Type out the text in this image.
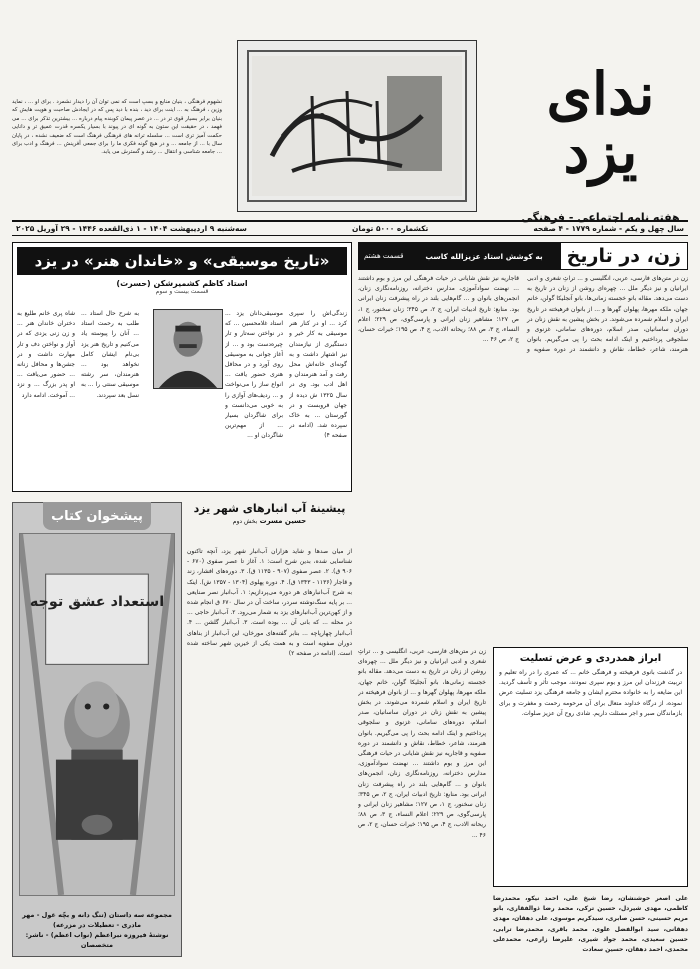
ندای یزد
هفته نامه اجتماعی - فرهنگی
نشهوم فرهنگی ، بنیان منابع و بسپ است که نمی توان آن را دیدار نشمرد . برای او ... ، نماید وزین ، فرهنگ به ... اینت برای دید ، بنده با دید پس که در ایجادش صاحبت و هویت هایش که بنیان برابر بسیار قوی تر در ... در عصر پیمان کوبنده پیام درباره ... بیشترین تذکر برای ... می فهمد ، در حقیقت این ستون به گونه ای در پیوند با بسیار یکسره قدرت عمیق تر و دانایی حکمت آمیز تری است ... سلسله ترانه های فرهنگی فرهنگ است که ضعیف نشده ، در پایان سال با ... از جامعه ... و در هیچ گونه فکری ما را برای جمعی آفرینش ... فرهنگ و ادب برای ... جامعه شناسی و انتقال ... رشد و گسترش می یابد.
سال چهل و یکم - شماره ۱۷۷۹ - ۴ صفحه
تکشماره ۵۰۰۰ تومان
سه‌شنبه ۹ اردیبهشت ۱۴۰۴ - ۱ ذی‌القعده ۱۴۴۶ - ۲۹ آوریل ۲۰۲۵
زن، در تاریخ
به کوشش استاد عزیزالله کاسب
قسمت هشتم
زن در متن‌های فارسی، عربی، انگلیسی و ... تراثِ شعری و ادبی ایرانیان و نیز دیگر ملل ... چهره‌ای روشن از زنان در تاریخ به دست می‌دهد. مقاله بانو خجسته زمانی‌ها، بانو آنجلیکا گولن، خانم جهان، ملکه مهرها، پهلوان گهرها و ... از بانوان فرهیخته در تاریخ ایران و اسلام شمرده می‌شوند. در بخش پیشین به نقش زنان در دوران ساسانیان، صدر اسلام، دوره‌های سامانی، غزنوی و سلجوقی پرداختیم و اینک ادامه بحث را پی می‌گیریم. بانوان هنرمند، شاعر، خطاط، نقاش و دانشمند در دوره صفویه و قاجاریه نیز نقش شایانی در حیات فرهنگی این مرز و بوم داشتند ... نهضت سوادآموزی، مدارس دخترانه، روزنامه‌نگاری زنان، انجمن‌های بانوان و ... گام‌هایی بلند در راه پیشرفت زنان ایرانی بود. منابع: تاریخ ادبیات ایران، ج ۲، ص ۳۴۵؛ زنان سخنور، ج ۱، ص ۱۲۷؛ مشاهیر زنان ایرانی و پارسی‌گوی، ص ۲۲۹؛ اعلام النساء، ج ۳، ص ۸۸؛ ریحانه الادب، ج ۴، ص ۱۹۵؛ خیرات حسان، ج ۲، ص ۴۶ ...
زن در متن‌های فارسی، عربی، انگلیسی و ... تراثِ شعری و ادبی ایرانیان و نیز دیگر ملل ... چهره‌ای روشن از زنان در تاریخ به دست می‌دهد. مقاله بانو خجسته زمانی‌ها، بانو آنجلیکا گولن، خانم جهان، ملکه مهرها، پهلوان گهرها و ... از بانوان فرهیخته در تاریخ ایران و اسلام شمرده می‌شوند. در بخش پیشین به نقش زنان در دوران ساسانیان، صدر اسلام، دوره‌های سامانی، غزنوی و سلجوقی پرداختیم و اینک ادامه بحث را پی می‌گیریم. بانوان هنرمند، شاعر، خطاط، نقاش و دانشمند در دوره صفویه و قاجاریه نیز نقش شایانی در حیات فرهنگی این مرز و بوم داشتند ... نهضت سوادآموزی، مدارس دخترانه، روزنامه‌نگاری زنان، انجمن‌های بانوان و ... گام‌هایی بلند در راه پیشرفت زنان ایرانی بود. منابع: تاریخ ادبیات ایران، ج ۲، ص ۳۴۵؛ زنان سخنور، ج ۱، ص ۱۲۷؛ مشاهیر زنان ایرانی و پارسی‌گوی، ص ۲۲۹؛ اعلام النساء، ج ۳، ص ۸۸؛ ریحانه الادب، ج ۴، ص ۱۹۵؛ خیرات حسان، ج ۲، ص ۴۶ ...
ابراز همدردی و عرض تسلیت
در گذشت بانوی فرهیخته و فرهنگی خانم ... که عمری را در راه تعلیم و تربیت فرزندان این مرز و بوم سپری نمودند، موجب تأثر و تأسف گردید. این ضایعه را به خانواده محترم ایشان و جامعه فرهنگی یزد تسلیت عرض نموده، از درگاه خداوند متعال برای آن مرحومه رحمت و مغفرت و برای بازماندگان صبر و اجر مسئلت داریم. شادی روح آن عزیز صلوات.
علی اصغر خوشنشان، رضا شیخ علی، احمد نیکو، محمدرضا کاظمی، مهدی شیردل، حسین ترکی، محمد رضا ذوالفقاری، بانو مریم حسینی، حسن صابری، سیدکریم موسوی، علی دهقان، مهدی دهقانی، سید ابوالفضل علوی، محمد باقری، محمدرضا ترابی، حسین سعیدی، محمد جواد شیری، علیرضا زارعی، محمدعلی محمدی، احمد دهقان، حسین سعادت
«تاریخ موسیقی» و «خاندان هنر» در یزد
استاد کاظم کشمیرشکن (حسرت)
قسمت بیست و سوم
زندگی‌اش را سپری کرد ... او در کنار هنر موسیقی به کار خیر و دستگیری از نیازمندان نیز اشتهار داشت و به گونه‌ای خانه‌اش محل رفت و آمد هنرمندان و اهل ادب بود. وی در سال ۱۳۲۵ ش دیده از جهان فروبست و در گورستان ... به خاک سپرده شد. (ادامه در صفحه ۴)
موسیقی‌دانان یزد ... استاد غلامحسین ... که در نواختن سه‌تار و تار چیره‌دست بود و ... از آغاز جوانی به موسیقی روی آورد و در محافل هنری حضور یافت ... انواع ساز را می‌نواخت و ... ردیف‌های آوازی را به خوبی می‌دانست و برای شاگردان بسیار ... از مهم‌ترین شاگردان او ...
به شرح حال استاد ... طلب به رحمت استاد ... آنان را پیوسته یاد می‌کنیم و تاریخ هنر یزد بی‌نام ایشان کامل نخواهد بود ... هنرمندان، سر رشته موسیقی سنتی را ... به نسل بعد سپردند.
شاه پری خانم طلیع به دختران خاندان هنر ... و زن زنی یزدی که در آواز و نواختن دف و تار مهارت داشت و در جشن‌ها و محافل زنانه ... حضور می‌یافت ... او پدر بزرگ ... و نزد ... آموخت. ادامه دارد
پیشینهٔ آب انبارهای شهر یزد
حسین مسرت بخش دوم
از میان صدها و شاید هزاران آب‌انبار شهر یزد، آنچه تاکنون شناسایی شده، بدین شرح است: ۱. آغاز تا عصر صفوی (۶۷۰ - ۹۰۶ ق). ۲. عصر صفوی (۹۰۷ - ۱۱۳۵ ق). ۳. دوره‌های افشار، زند و قاجار (۱۱۳۶ - ۱۳۴۳ ق). ۴. دوره پهلوی (۱۳۰۴ - ۱۳۵۷ ش). اینک به شرح آب‌انبارهای هر دوره می‌پردازیم: ۱. آب‌انبار نصر صنایعی ... بر پایه سنگ‌نوشته سردر، ساخت آن در سال ۶۷۰ ق انجام شده و از کهن‌ترین آب‌انبارهای یزد به شمار می‌رود. ۲. آب‌انبار حاجی ... در محله ... که بانی آن ... بوده است. ۳. آب‌انبار گلشن ... ۴. آب‌انبار چهارپاچه ... بنابر گفته‌های مورخان، این آب‌انبار از بناهای دوران صفویه است و به همت یکی از خیرین شهر ساخته شده است. (ادامه در صفحه ۲)
پیشخوان کتاب
استعداد عشق توجه
مجموعه سه داستان (تنگ دانه و بچّه غول - مهر مادری - تعطیلات در مزرعه)
نوشتهٔ فیروزه نبراعظم (نواب اعظم) - ناشر: متخصصان
